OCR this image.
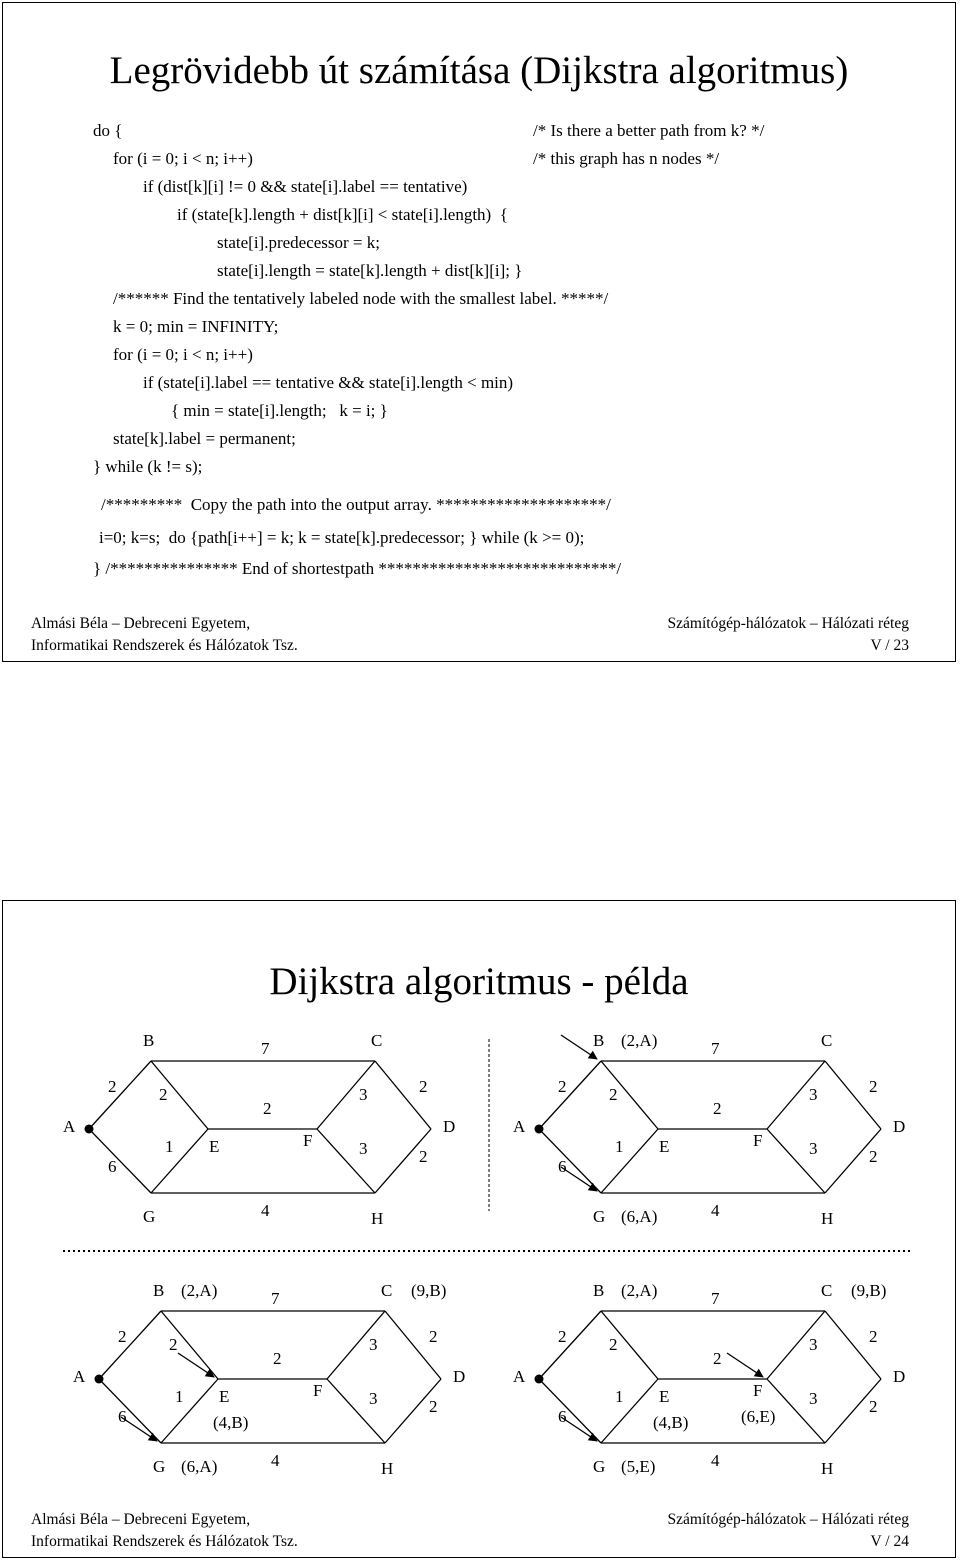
Legrövidebb út számítása (Dijkstra algoritmus)
do {
for (i = 0; i < n; i++)
if (dist[k][i] != 0 && state[i].label == tentative)
if (state[k].length + dist[k][i] < state[i].length)  {
state[i].predecessor = k;
state[i].length = state[k].length + dist[k][i]; }
/****** Find the tentatively labeled node with the smallest label. *****/
k = 0; min = INFINITY;
for (i = 0; i < n; i++)
if (state[i].label == tentative && state[i].length < min)
{ min = state[i].length;   k = i; }
state[k].label = permanent;
} while (k != s);
/*********  Copy the path into the output array. ********************/
i=0; k=s;  do {path[i++] = k; k = state[k].predecessor; } while (k >= 0);
} /*************** End of shortestpath ****************************/
/* Is there a better path from k? */
/* this graph has n nodes */
Almási Béla – Debreceni Egyetem,
Informatikai Rendszerek és Hálózatok Tsz.
Számítógép-hálózatok – Hálózati réteg
V / 23
Dijkstra algoritmus - példa
A
B	C
D
E	F
G	H
2
6
7
2
1
2
3	2
3	2
4
A
B (2,A)	C
D
E	F
G (6,A)	H
2
6
7
2
1
2
3	2
3	2
4
A
B (2,A)	C (9,B)
D
E
(4,B)
F
G (6,A)	H
2
6
7
2
1
2
3	2
3	2
4
A
B (2,A)	C (9,B)
D
E
(4,B)
F
(6,E)
G (5,E)	H
2
6
7
2
1
2
3	2
3	2
4
Almási Béla – Debreceni Egyetem,
Informatikai Rendszerek és Hálózatok Tsz.
Számítógép-hálózatok – Hálózati réteg
V / 24
